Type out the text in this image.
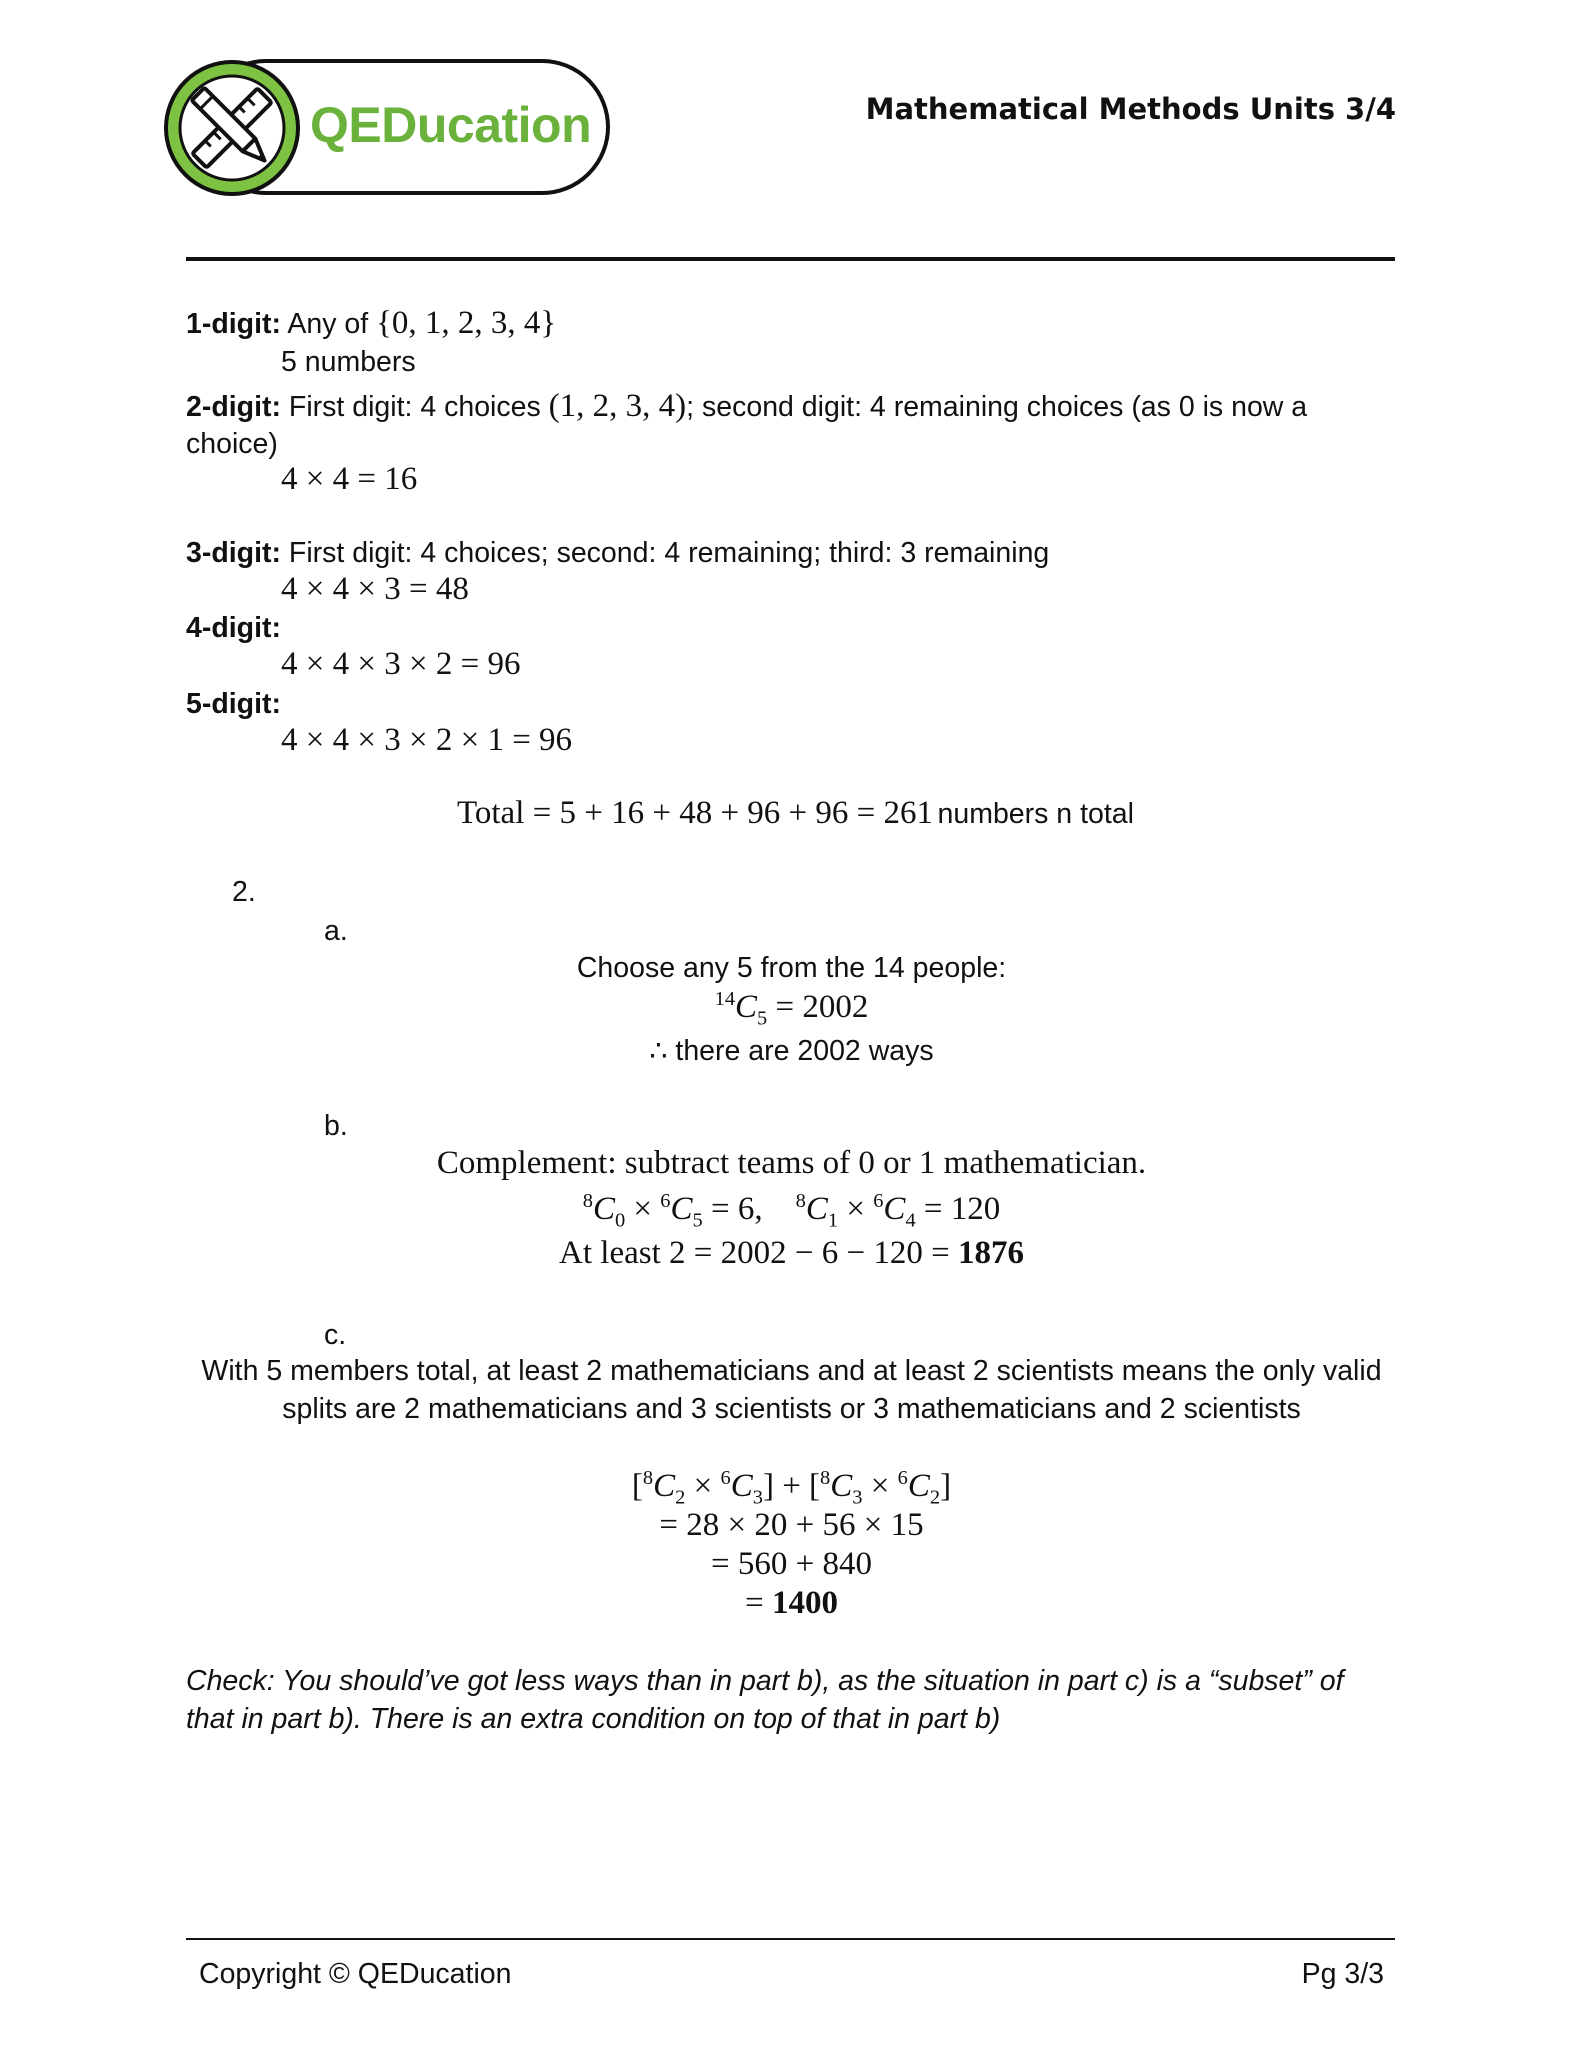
QEDucation	Mathematical Methods Units 3/4
1-digit: Any of {0, 1, 2, 3, 4}
5 numbers
2-digit: First digit: 4 choices (1, 2, 3, 4); second digit: 4 remaining choices (as 0 is now a
choice)
4 × 4 = 16
3-digit: First digit: 4 choices; second: 4 remaining; third: 3 remaining
4 × 4 × 3 = 48
4-digit:
4 × 4 × 3 × 2 = 96
5-digit:
4 × 4 × 3 × 2 × 1 = 96
Total = 5 + 16 + 48 + 96 + 96 = 261 numbers n total
2.
a.
Choose any 5 from the 14 people:
$^{14}C_5 = 2002$
∴ there are 2002 ways
b.
Complement: subtract teams of 0 or 1 mathematician.
$^8C_0 \times ^6C_5 = 6$, $^8C_1 \times ^6C_4 = 120$
At least 2 = 2002 − 6 − 120 = 1876
c.
With 5 members total, at least 2 mathematicians and at least 2 scientists means the only valid
splits are 2 mathematicians and 3 scientists or 3 mathematicians and 2 scientists
$[^8C_2 \times ^6C_3] + [^8C_3 \times ^6C_2]$
= 28 × 20 + 56 × 15
= 560 + 840
= 1400
Check: You should’ve got less ways than in part b), as the situation in part c) is a “subset” of
that in part b). There is an extra condition on top of that in part b)
Copyright © QEDucation	Pg 3/3
